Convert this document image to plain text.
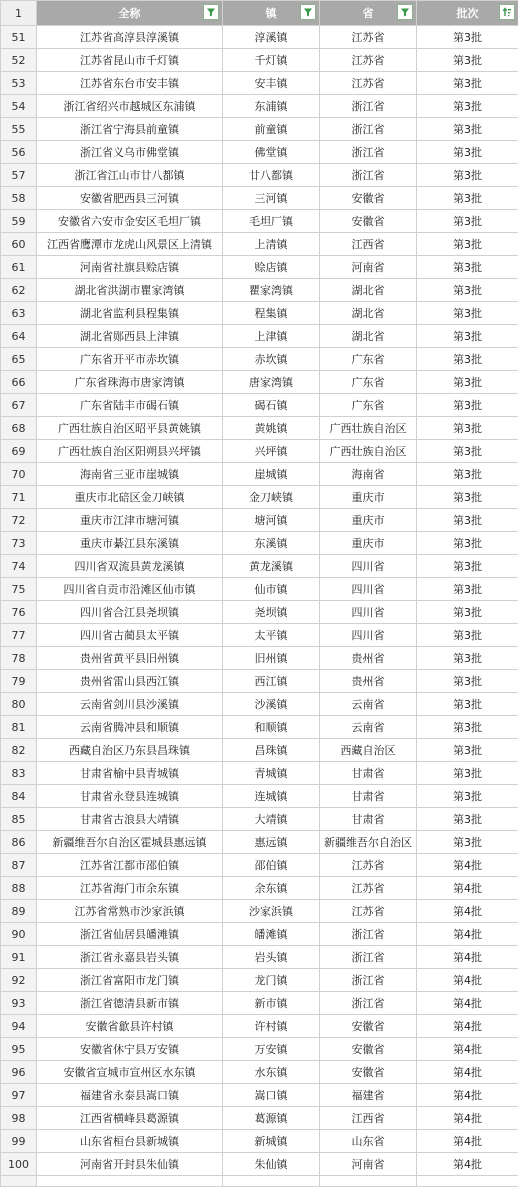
1	全称	镇	省	批次

51	江苏省高淳县淳溪镇	淳溪镇	江苏省	第3批
52	江苏省昆山市千灯镇	千灯镇	江苏省	第3批
53	江苏省东台市安丰镇	安丰镇	江苏省	第3批
54	浙江省绍兴市越城区东浦镇	东浦镇	浙江省	第3批
55	浙江省宁海县前童镇	前童镇	浙江省	第3批
56	浙江省义乌市佛堂镇	佛堂镇	浙江省	第3批
57	浙江省江山市廿八都镇	廿八都镇	浙江省	第3批
58	安徽省肥西县三河镇	三河镇	安徽省	第3批
59	安徽省六安市金安区毛坦厂镇	毛坦厂镇	安徽省	第3批
60	江西省鹰潭市龙虎山风景区上清镇	上清镇	江西省	第3批
61	河南省社旗县赊店镇	赊店镇	河南省	第3批
62	湖北省洪湖市瞿家湾镇	瞿家湾镇	湖北省	第3批
63	湖北省监利县程集镇	程集镇	湖北省	第3批
64	湖北省郧西县上津镇	上津镇	湖北省	第3批
65	广东省开平市赤坎镇	赤坎镇	广东省	第3批
66	广东省珠海市唐家湾镇	唐家湾镇	广东省	第3批
67	广东省陆丰市碣石镇	碣石镇	广东省	第3批
68	广西壮族自治区昭平县黄姚镇	黄姚镇	广西壮族自治区	第3批
69	广西壮族自治区阳朔县兴坪镇	兴坪镇	广西壮族自治区	第3批
70	海南省三亚市崖城镇	崖城镇	海南省	第3批
71	重庆市北碚区金刀峡镇	金刀峡镇	重庆市	第3批
72	重庆市江津市塘河镇	塘河镇	重庆市	第3批
73	重庆市綦江县东溪镇	东溪镇	重庆市	第3批
74	四川省双流县黄龙溪镇	黄龙溪镇	四川省	第3批
75	四川省自贡市沿滩区仙市镇	仙市镇	四川省	第3批
76	四川省合江县尧坝镇	尧坝镇	四川省	第3批
77	四川省古蔺县太平镇	太平镇	四川省	第3批
78	贵州省黄平县旧州镇	旧州镇	贵州省	第3批
79	贵州省雷山县西江镇	西江镇	贵州省	第3批
80	云南省剑川县沙溪镇	沙溪镇	云南省	第3批
81	云南省腾冲县和顺镇	和顺镇	云南省	第3批
82	西藏自治区乃东县昌珠镇	昌珠镇	西藏自治区	第3批
83	甘肃省榆中县青城镇	青城镇	甘肃省	第3批
84	甘肃省永登县连城镇	连城镇	甘肃省	第3批
85	甘肃省古浪县大靖镇	大靖镇	甘肃省	第3批
86	新疆维吾尔自治区霍城县惠远镇	惠远镇	新疆维吾尔自治区	第3批
87	江苏省江都市邵伯镇	邵伯镇	江苏省	第4批
88	江苏省海门市余东镇	余东镇	江苏省	第4批
89	江苏省常熟市沙家浜镇	沙家浜镇	江苏省	第4批
90	浙江省仙居县皤滩镇	皤滩镇	浙江省	第4批
91	浙江省永嘉县岩头镇	岩头镇	浙江省	第4批
92	浙江省富阳市龙门镇	龙门镇	浙江省	第4批
93	浙江省德清县新市镇	新市镇	浙江省	第4批
94	安徽省歙县许村镇	许村镇	安徽省	第4批
95	安徽省休宁县万安镇	万安镇	安徽省	第4批
96	安徽省宣城市宣州区水东镇	水东镇	安徽省	第4批
97	福建省永泰县嵩口镇	嵩口镇	福建省	第4批
98	江西省横峰县葛源镇	葛源镇	江西省	第4批
99	山东省桓台县新城镇	新城镇	山东省	第4批
100	河南省开封县朱仙镇	朱仙镇	河南省	第4批
